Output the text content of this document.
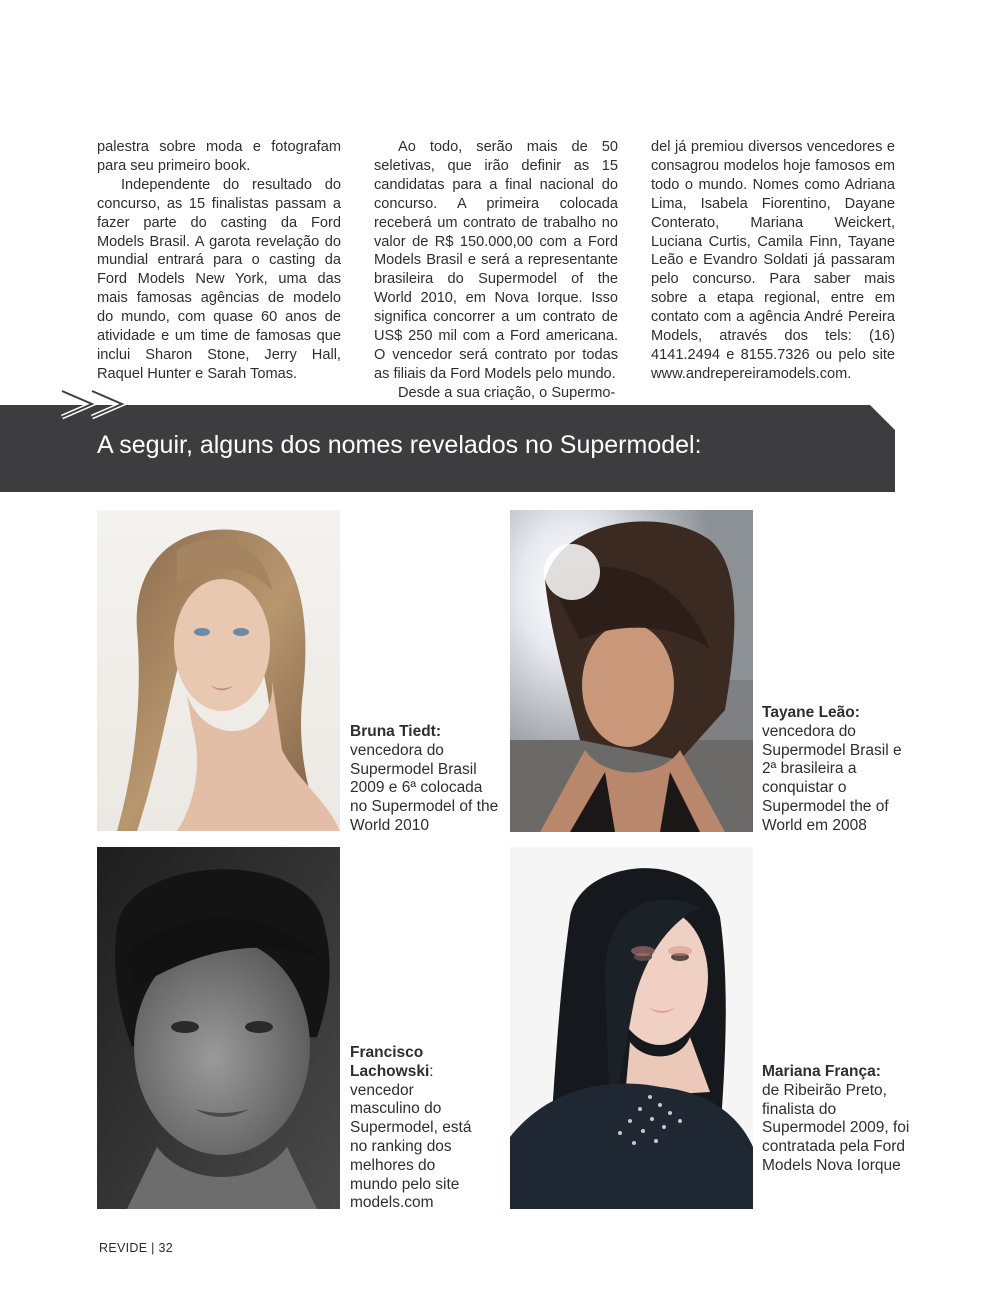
palestra sobre moda e fotografam para seu primeiro book.

Independente do resultado do concurso, as 15 finalistas passam a fazer parte do casting da Ford Models Brasil. A garota revelação do mundial entrará para o casting da Ford Models New York, uma das mais famosas agências de modelo do mundo, com quase 60 anos de atividade e um time de famosas que inclui Sharon Stone, Jerry Hall, Raquel Hunter e Sarah Tomas.

Ao todo, serão mais de 50 seletivas, que irão definir as 15 candidatas para a final nacional do concurso. A primeira colocada receberá um contrato de trabalho no valor de R$ 150.000,00 com a Ford Models Brasil e será a representante brasileira do Supermodel of the World 2010, em Nova Iorque. Isso significa concorrer a um contrato de US$ 250 mil com a Ford americana. O vencedor será contrato por todas as filiais da Ford Models pelo mundo.

Desde a sua criação, o Supermo-

del já premiou diversos vencedores e consagrou modelos hoje famosos em todo o mundo. Nomes como Adriana Lima, Isabela Fiorentino, Dayane Conterato, Mariana Weickert, Luciana Curtis, Camila Finn, Tayane Leão e Evandro Soldati já passaram pelo concurso. Para saber mais sobre a etapa regional, entre em contato com a agência André Pereira Models, através dos tels: (16) 4141.2494 e 8155.7326 ou pelo site www.andrepereiramodels.com.

A seguir, alguns dos nomes revelados no Supermodel:

Bruna Tiedt:
vencedora do Supermodel Brasil 2009 e 6ª colocada no Supermodel of the World 2010

Tayane Leão:
vencedora do Supermodel Brasil e 2ª brasileira a conquistar o Supermodel the of World em 2008

Francisco Lachowski:
vencedor masculino do Supermodel, está no ranking dos melhores do mundo pelo site models.com

Mariana França:
de Ribeirão Preto, finalista do Supermodel 2009, foi contratada pela Ford Models Nova Iorque

REVIDE | 32
